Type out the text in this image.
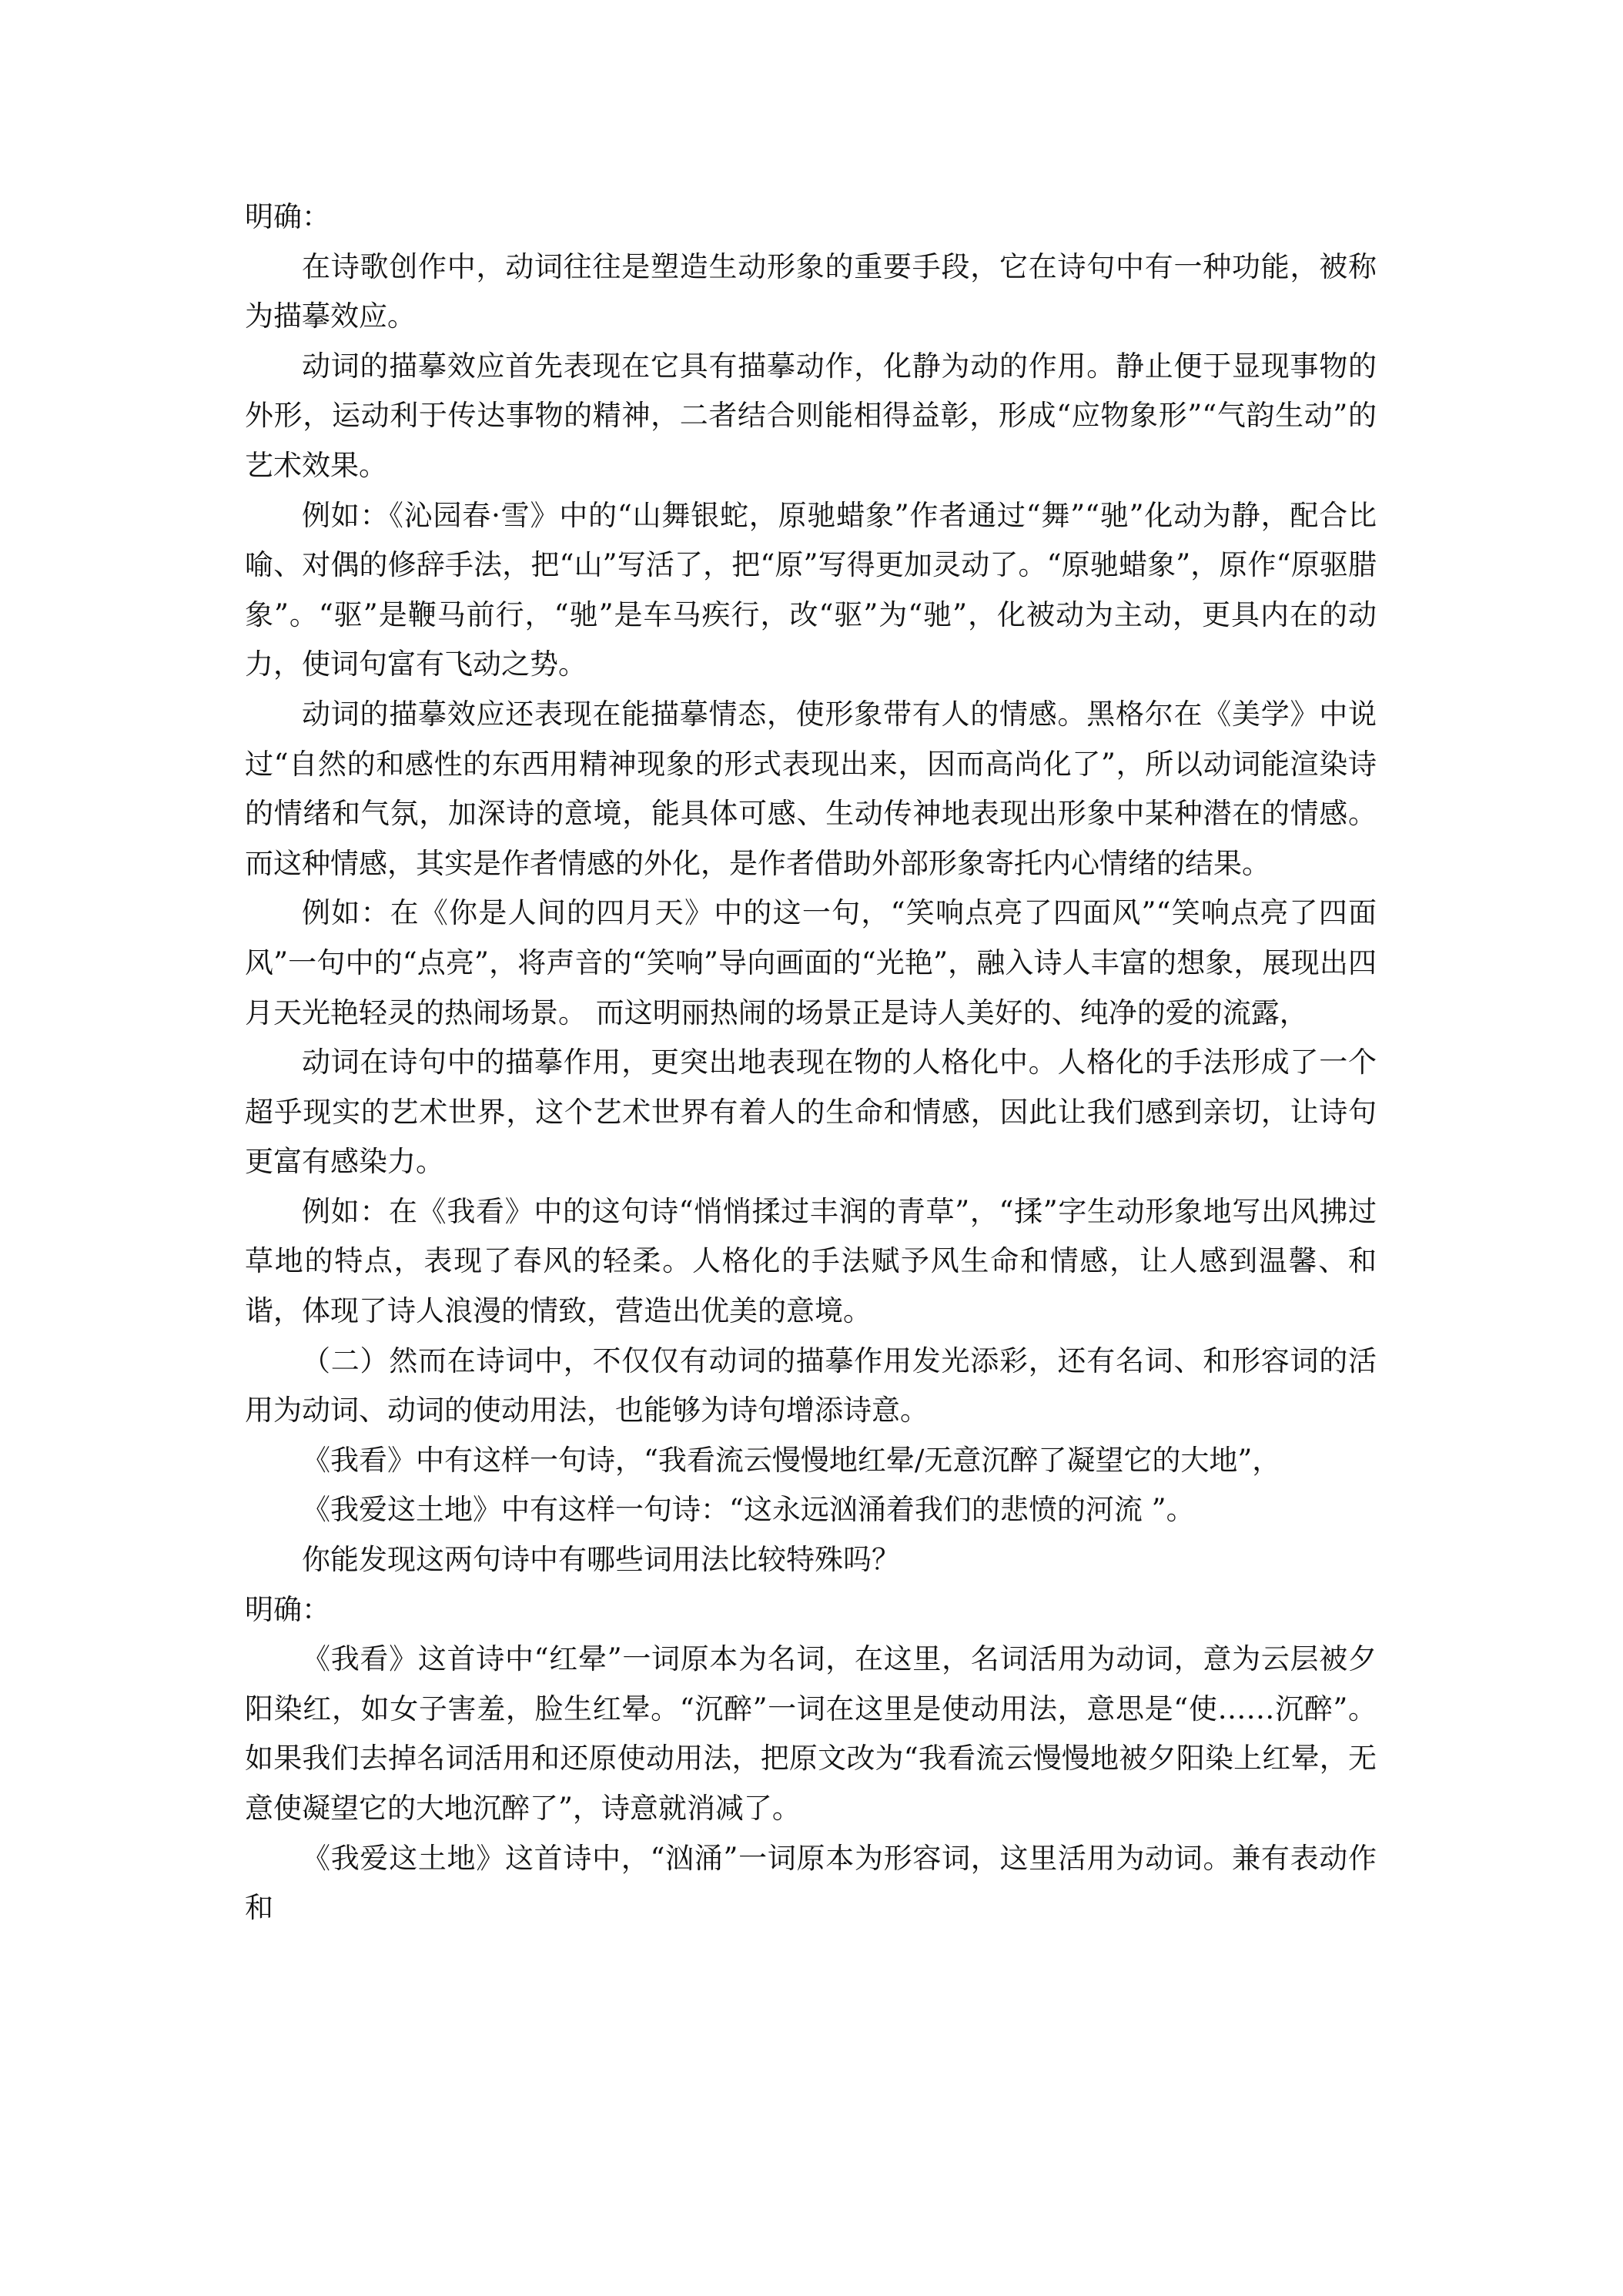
明确：

在诗歌创作中，动词往往是塑造生动形象的重要手段，它在诗句中有一种功能，被称为描摹效应。

动词的描摹效应首先表现在它具有描摹动作，化静为动的作用。静止便于显现事物的外形，运动利于传达事物的精神，二者结合则能相得益彰，形成“应物象形”“气韵生动”的艺术效果。

例如：《沁园春·雪》中的“山舞银蛇，原驰蜡象”作者通过“舞”“驰”化动为静，配合比喻、对偶的修辞手法，把“山”写活了，把“原”写得更加灵动了。“原驰蜡象”，原作“原驱腊象”。“驱”是鞭马前行，“驰”是车马疾行，改“驱”为“驰”，化被动为主动，更具内在的动力，使词句富有飞动之势。

动词的描摹效应还表现在能描摹情态，使形象带有人的情感。黑格尔在《美学》中说过“自然的和感性的东西用精神现象的形式表现出来，因而高尚化了”，所以动词能渲染诗的情绪和气氛，加深诗的意境，能具体可感、生动传神地表现出形象中某种潜在的情感。而这种情感，其实是作者情感的外化，是作者借助外部形象寄托内心情绪的结果。

例如：在《你是人间的四月天》中的这一句，“笑响点亮了四面风”“笑响点亮了四面风”一句中的“点亮”，将声音的“笑响”导向画面的“光艳”，融入诗人丰富的想象，展现出四月天光艳轻灵的热闹场景。 而这明丽热闹的场景正是诗人美好的、纯净的爱的流露，

动词在诗句中的描摹作用，更突出地表现在物的人格化中。人格化的手法形成了一个超乎现实的艺术世界，这个艺术世界有着人的生命和情感，因此让我们感到亲切，让诗句更富有感染力。

例如：在《我看》中的这句诗“悄悄揉过丰润的青草”，“揉”字生动形象地写出风拂过草地的特点，表现了春风的轻柔。人格化的手法赋予风生命和情感，让人感到温馨、和谐，体现了诗人浪漫的情致，营造出优美的意境。

（二）然而在诗词中，不仅仅有动词的描摹作用发光添彩，还有名词、和形容词的活用为动词、动词的使动用法，也能够为诗句增添诗意。

《我看》中有这样一句诗，“我看流云慢慢地红晕/无意沉醉了凝望它的大地”，

《我爱这土地》中有这样一句诗：“这永远汹涌着我们的悲愤的河流 ”。

你能发现这两句诗中有哪些词用法比较特殊吗？

明确：

《我看》这首诗中“红晕”一词原本为名词，在这里，名词活用为动词，意为云层被夕阳染红，如女子害羞，脸生红晕。“沉醉”一词在这里是使动用法，意思是“使……沉醉”。如果我们去掉名词活用和还原使动用法，把原文改为“我看流云慢慢地被夕阳染上红晕，无意使凝望它的大地沉醉了”，诗意就消减了。

《我爱这土地》这首诗中，“汹涌”一词原本为形容词，这里活用为动词。兼有表动作和
